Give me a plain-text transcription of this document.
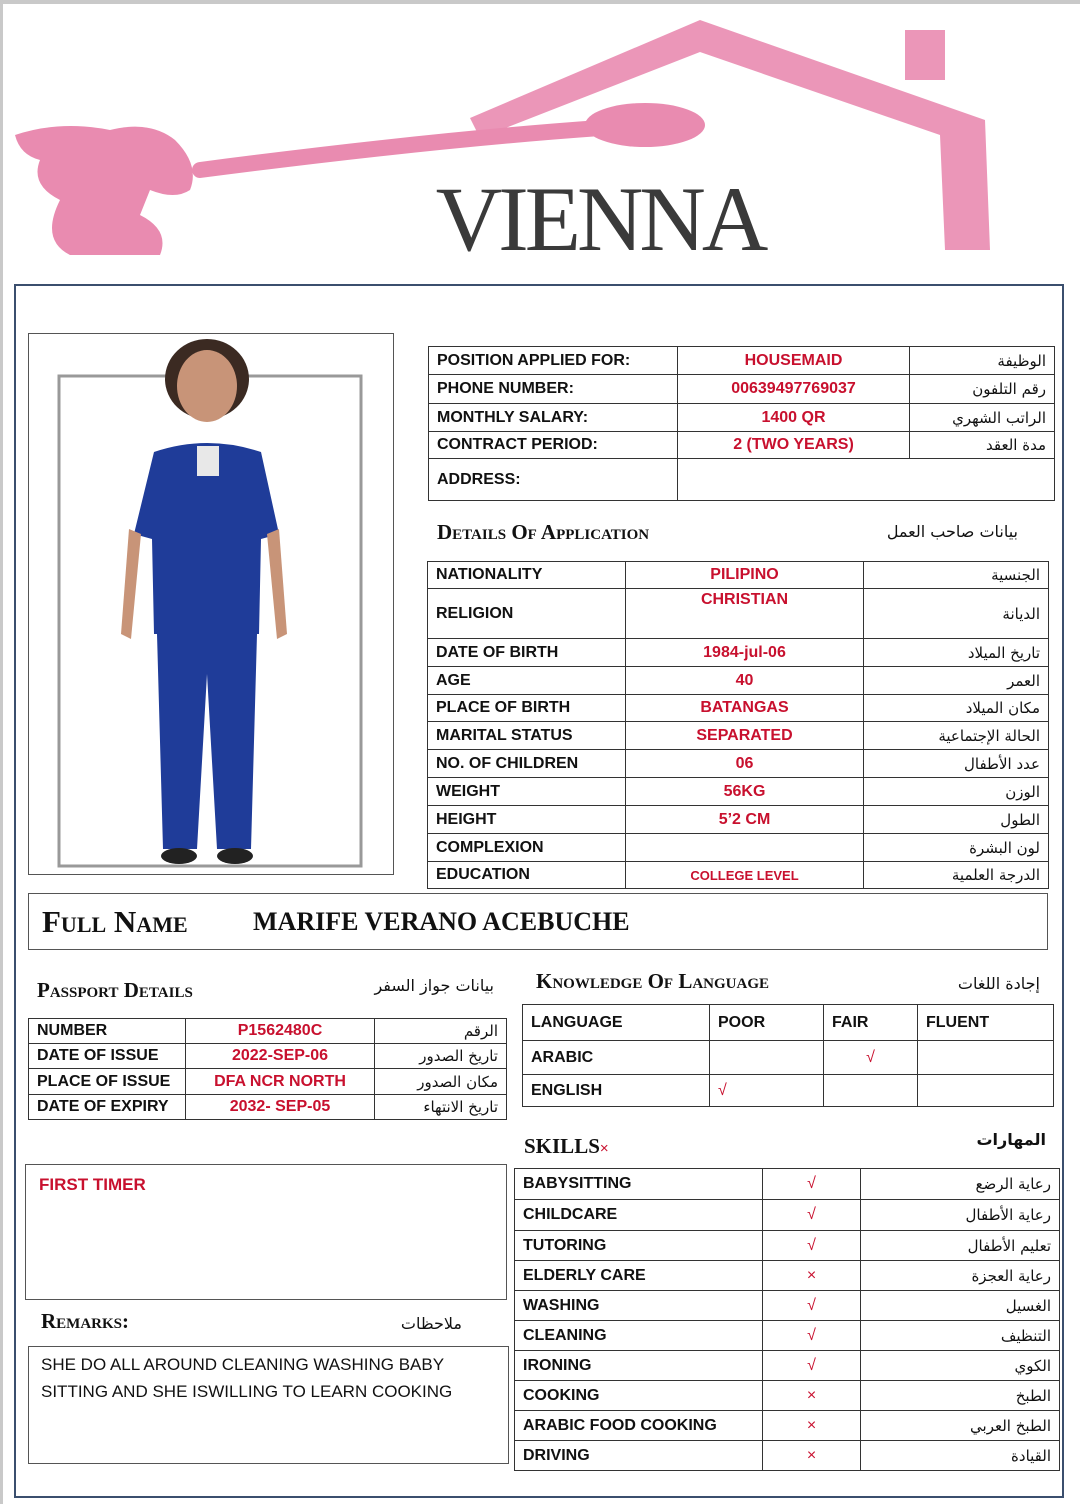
VIENNA
POSITION APPLIED FOR:	HOUSEMAID	الوظيفة
PHONE NUMBER:	00639497769037	رقم التلفون
MONTHLY SALARY:	1400 QR	الراتب الشهري
CONTRACT PERIOD:	2 (TWO YEARS)	مدة العقد
ADDRESS:		
Details Of Application	بيانات صاحب العمل
NATIONALITY	PILIPINO	الجنسية
RELIGION	CHRISTIAN	الديانة
DATE OF BIRTH	1984-jul-06	تاريخ الميلاد
AGE	40	العمر
PLACE OF BIRTH	BATANGAS	مكان الميلاد
MARITAL STATUS	SEPARATED	الحالة الإجتماعية
NO. OF CHILDREN	06	عدد الأطفال
WEIGHT	56KG	الوزن
HEIGHT	5’2 CM	الطول
COMPLEXION		لون البشرة
EDUCATION	COLLEGE LEVEL	الدرجة العلمية
Full Name	MARIFE VERANO ACEBUCHE
Passport Details	بيانات جواز السفر
NUMBER	P1562480C	الرقم
DATE OF ISSUE	2022-SEP-06	تاريخ الصدور
PLACE OF ISSUE	DFA NCR NORTH	مكان الصدور
DATE OF EXPIRY	2032- SEP-05	تاريخ الانتهاء
FIRST TIMER
Remarks:	ملاحظات
SHE DO ALL AROUND CLEANING WASHING BABY
SITTING AND SHE ISWILLING TO LEARN COOKING
Knowledge Of Language	إجادة اللغات
LANGUAGE	POOR	FAIR	FLUENT
ARABIC		√	
ENGLISH	√		
SKILLS×	المهارات
BABYSITTING	√	رعاية الرضع
CHILDCARE	√	رعاية الأطفال
TUTORING	√	تعليم الأطفال
ELDERLY CARE	×	رعاية العجزة
WASHING	√	الغسيل
CLEANING	√	التنظيف
IRONING	√	الكوي
COOKING	×	الطبخ
ARABIC FOOD COOKING	×	الطبخ العربي
DRIVING	×	القيادة
